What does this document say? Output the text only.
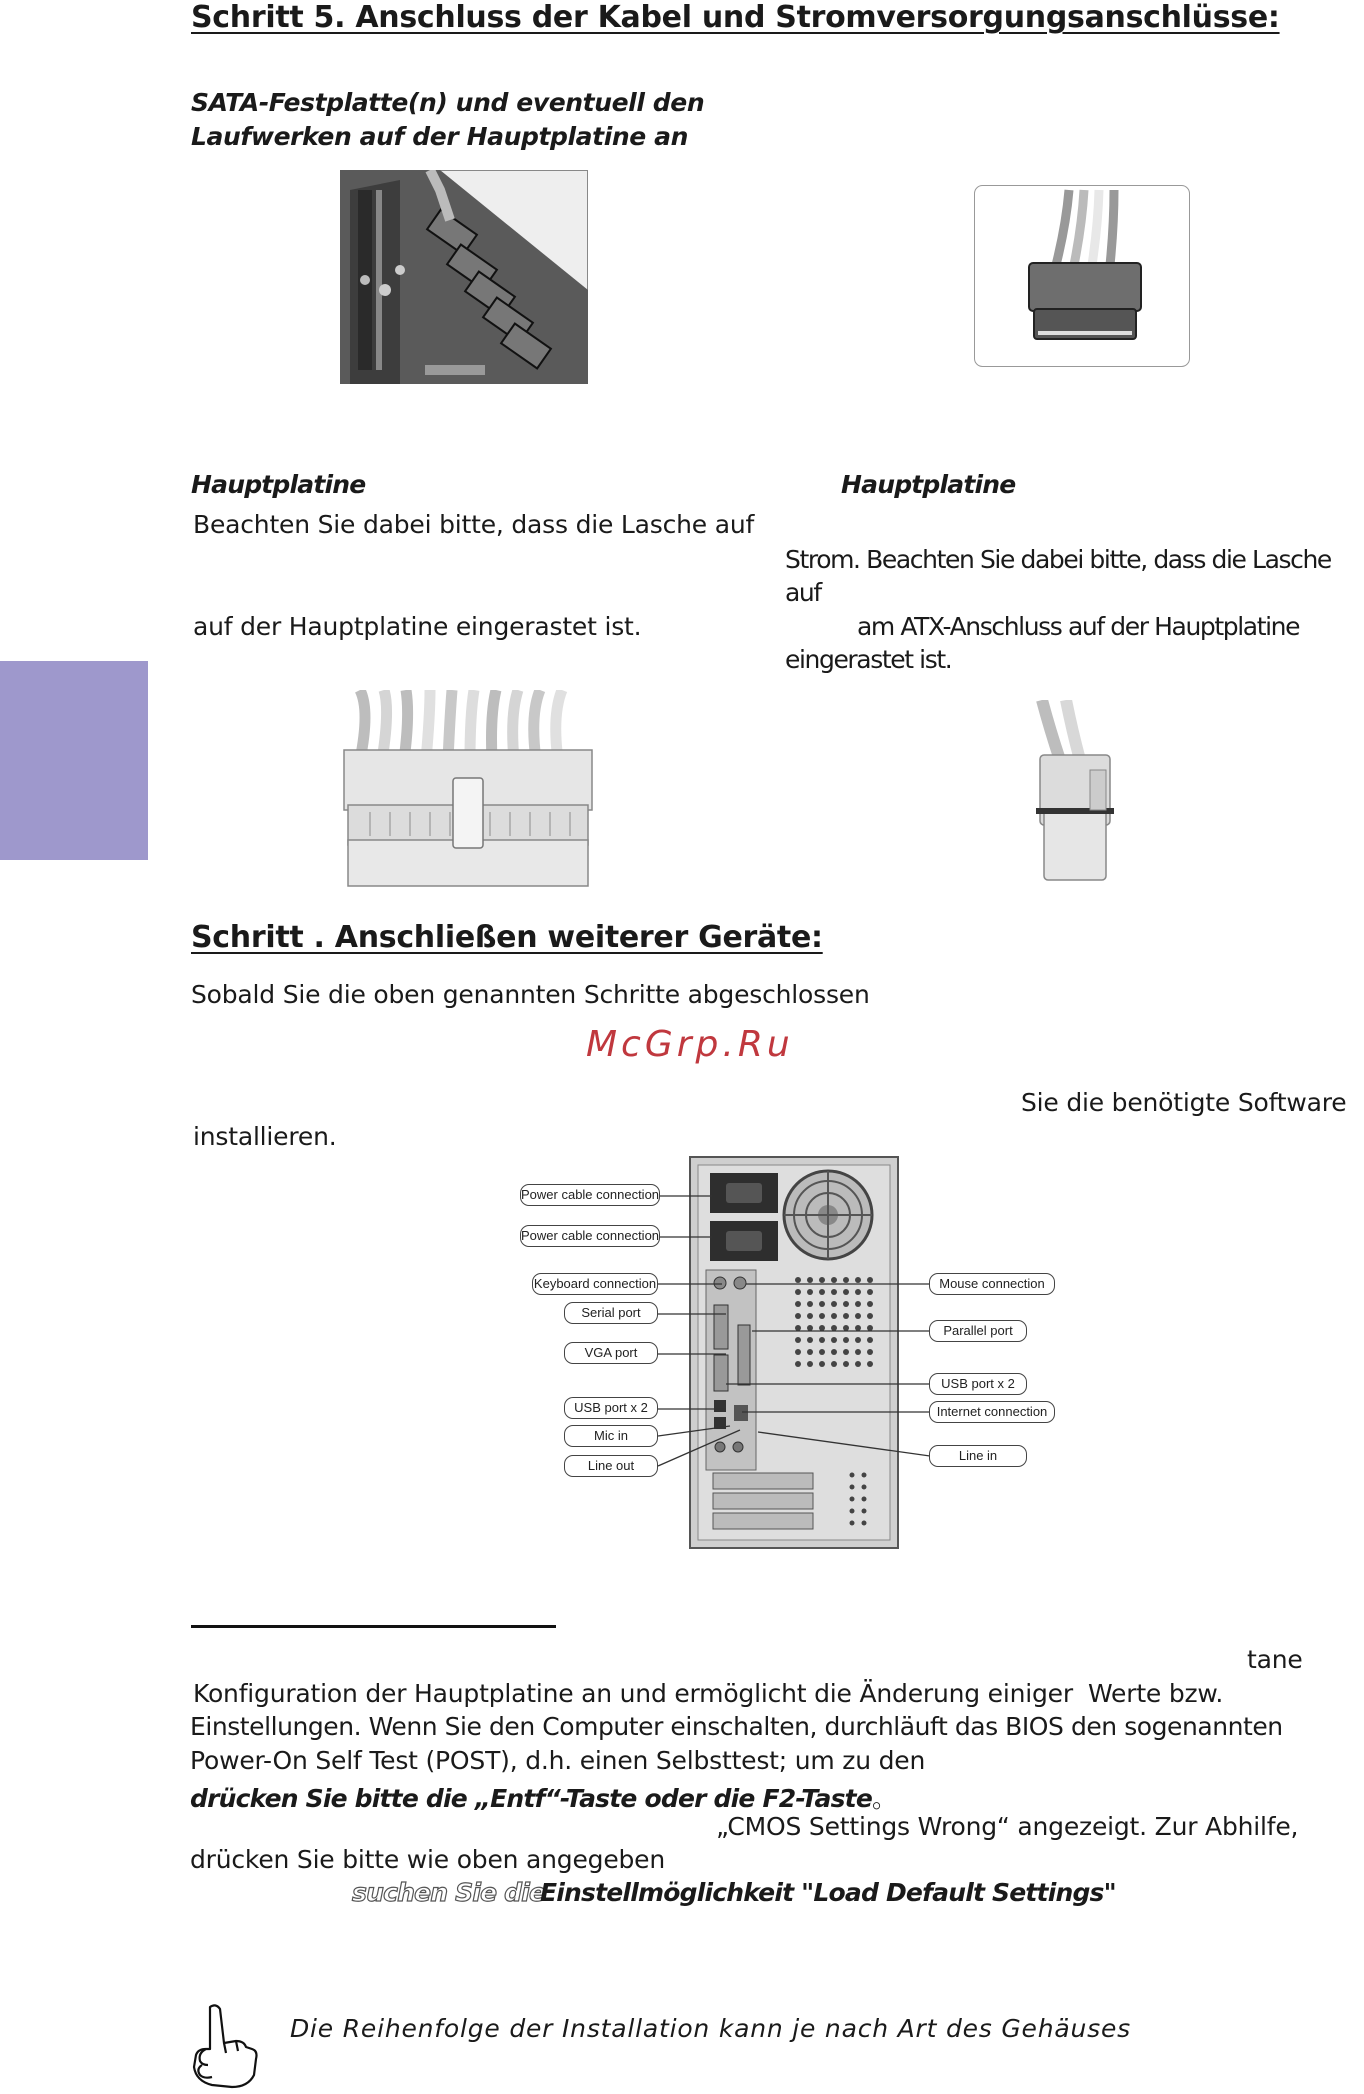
Schritt 5. Anschluss der Kabel und Stromversorgungsanschlüsse:
SATA-Festplatte(n) und eventuell den
Laufwerken auf der Hauptplatine an
Hauptplatine	Hauptplatine
Beachten Sie dabei bitte, dass die Lasche auf
auf der Hauptplatine eingerastet ist.
Strom. Beachten Sie dabei bitte, dass die Lasche
auf
am ATX-Anschluss auf der Hauptplatine
eingerastet ist.
Schritt . Anschließen weiterer Geräte:
Sobald Sie die oben genannten Schritte abgeschlossen
McGrp.Ru
Sie die benötigte Software
installieren.
Power cable connection
Power cable connection
Keyboard connection
Serial port
VGA port
USB port x 2
Mic in
Line out
Mouse connection
Parallel port
USB port x 2
Internet connection
Line in
tane
Konfiguration der Hauptplatine an und ermöglicht die Änderung einiger Werte bzw.
Einstellungen. Wenn Sie den Computer einschalten, durchläuft das BIOS den sogenannten
Power-On Self Test (POST), d.h. einen Selbsttest; um zu den
drücken Sie bitte die „Entf“-Taste oder die F2-Taste。
„CMOS Settings Wrong“ angezeigt. Zur Abhilfe,
drücken Sie bitte wie oben angegeben
suchen Sie die
Einstellmöglichkeit "Load Default Settings"
Die Reihenfolge der Installation kann je nach Art des Gehäuses
